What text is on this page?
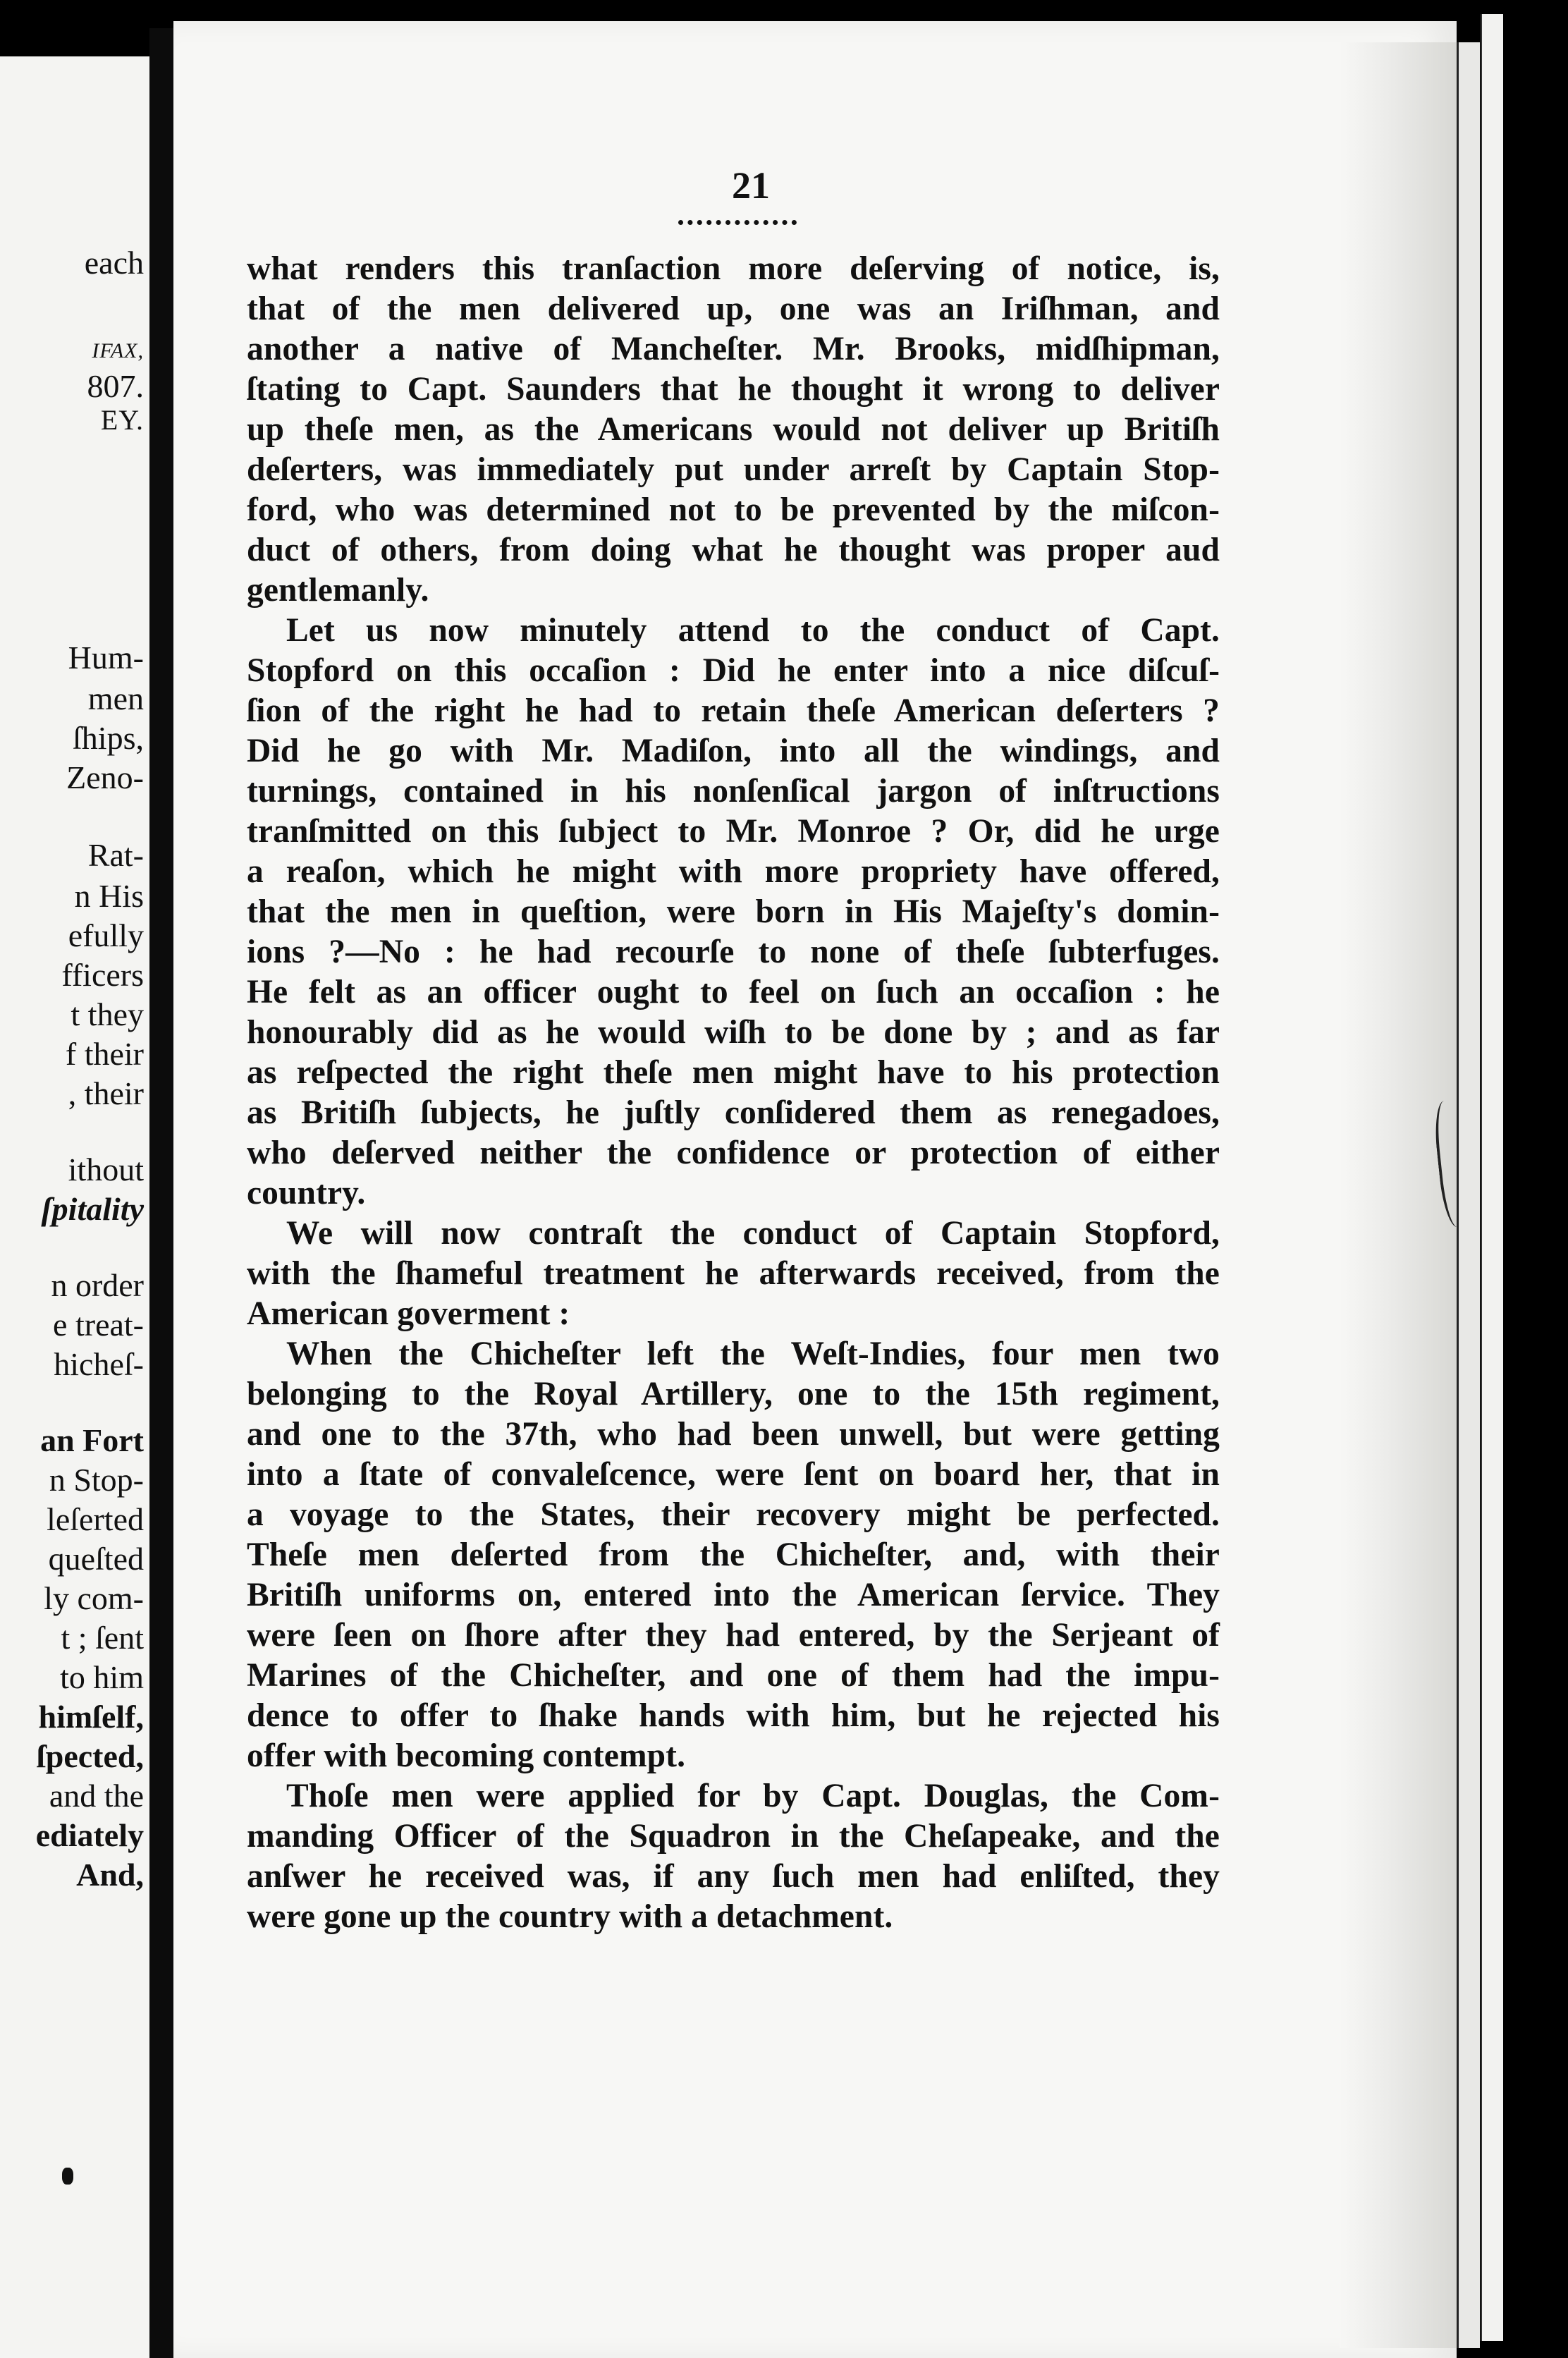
each
IFAX,
807.
EY.
Hum-
men
ſhips,
Zeno-
Rat-
n His
efully
fficers
t they
f their
, their
ithout
ſpitality
n order
e treat-
hicheſ-
an Fort
n Stop-
leſerted
queſted
ly com-
t ; ſent
to him
himſelf,
ſpected,
and the
ediately
And,
21
what renders this tranſaction more deſerving of notice, is,
that of the men delivered up, one was an Iriſhman, and
another a native of Mancheſter. Mr. Brooks, midſhipman,
ſtating to Capt. Saunders that he thought it wrong to deliver
up theſe men, as the Americans would not deliver up Britiſh
deſerters, was immediately put under arreſt by Captain Stop-
ford, who was determined not to be prevented by the miſcon-
duct of others, from doing what he thought was proper aud
gentlemanly.
Let us now minutely attend to the conduct of Capt.
Stopford on this occaſion : Did he enter into a nice diſcuſ-
ſion of the right he had to retain theſe American deſerters ?
Did he go with Mr. Madiſon, into all the windings, and
turnings, contained in his nonſenſical jargon of inſtructions
tranſmitted on this ſubject to Mr. Monroe ? Or, did he urge
a reaſon, which he might with more propriety have offered,
that the men in queſtion, were born in His Majeſty's domin-
ions ?—No : he had recourſe to none of theſe ſubterfuges.
He felt as an officer ought to feel on ſuch an occaſion : he
honourably did as he would wiſh to be done by ; and as far
as reſpected the right theſe men might have to his protection
as Britiſh ſubjects, he juſtly conſidered them as renegadoes,
who deſerved neither the confidence or protection of either
country.
We will now contraſt the conduct of Captain Stopford,
with the ſhameful treatment he afterwards received, from the
American goverment :
When the Chicheſter left the Weſt-Indies, four men two
belonging to the Royal Artillery, one to the 15th regiment,
and one to the 37th, who had been unwell, but were getting
into a ſtate of convaleſcence, were ſent on board her, that in
a voyage to the States, their recovery might be perfected.
Theſe men deſerted from the Chicheſter, and, with their
Britiſh uniforms on, entered into the American ſervice. They
were ſeen on ſhore after they had entered, by the Serjeant of
Marines of the Chicheſter, and one of them had the impu-
dence to offer to ſhake hands with him, but he rejected his
offer with becoming contempt.
Thoſe men were applied for by Capt. Douglas, the Com-
manding Officer of the Squadron in the Cheſapeake, and the
anſwer he received was, if any ſuch men had enliſted, they
were gone up the country with a detachment.
